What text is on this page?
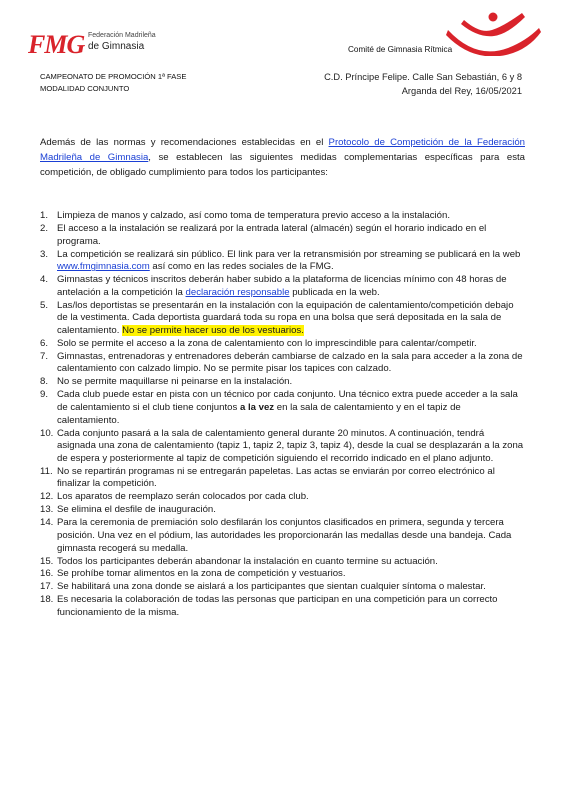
FMG Federación Madrileña
de Gimnasia	Comité de Gimnasia Rítmica
CAMPEONATO DE PROMOCIÓN 1ª FASE
MODALIDAD CONJUNTO
C.D. Príncipe Felipe. Calle San Sebastián, 6 y 8
Arganda del Rey, 16/05/2021
Además de las normas y recomendaciones establecidas en el Protocolo de Competición de la Federación Madrileña de Gimnasia, se establecen las siguientes medidas complementarias específicas para esta competición, de obligado cumplimiento para todos los participantes:
1. Limpieza de manos y calzado, así como toma de temperatura previo acceso a la instalación.
2. El acceso a la instalación se realizará por la entrada lateral (almacén) según el horario indicado en el programa.
3. La competición se realizará sin público. El link para ver la retransmisión por streaming se publicará en la web www.fmgimnasia.com así como en las redes sociales de la FMG.
4. Gimnastas y técnicos inscritos deberán haber subido a la plataforma de licencias mínimo con 48 horas de antelación a la competición la declaración responsable publicada en la web.
5. Las/los deportistas se presentarán en la instalación con la equipación de calentamiento/competición debajo de la vestimenta. Cada deportista guardará toda su ropa en una bolsa que será depositada en la sala de calentamiento. No se permite hacer uso de los vestuarios.
6. Solo se permite el acceso a la zona de calentamiento con lo imprescindible para calentar/competir.
7. Gimnastas, entrenadoras y entrenadores deberán cambiarse de calzado en la sala para acceder a la zona de calentamiento con calzado limpio. No se permite pisar los tapices con calzado.
8. No se permite maquillarse ni peinarse en la instalación.
9. Cada club puede estar en pista con un técnico por cada conjunto. Una técnico extra puede acceder a la sala de calentamiento si el club tiene conjuntos a la vez en la sala de calentamiento y en el tapiz de calentamiento.
10. Cada conjunto pasará a la sala de calentamiento general durante 20 minutos. A continuación, tendrá asignada una zona de calentamiento (tapiz 1, tapiz 2, tapiz 3, tapiz 4), desde la cual se desplazarán a la zona de espera y posteriormente al tapiz de competición siguiendo el recorrido indicado en el plano adjunto.
11. No se repartirán programas ni se entregarán papeletas. Las actas se enviarán por correo electrónico al finalizar la competición.
12. Los aparatos de reemplazo serán colocados por cada club.
13. Se elimina el desfile de inauguración.
14. Para la ceremonia de premiación solo desfilarán los conjuntos clasificados en primera, segunda y tercera posición. Una vez en el pódium, las autoridades les proporcionarán las medallas desde una bandeja. Cada gimnasta recogerá su medalla.
15. Todos los participantes deberán abandonar la instalación en cuanto termine su actuación.
16. Se prohíbe tomar alimentos en la zona de competición y vestuarios.
17. Se habilitará una zona donde se aislará a los participantes que sientan cualquier síntoma o malestar.
18. Es necesaria la colaboración de todas las personas que participan en una competición para un correcto funcionamiento de la misma.
